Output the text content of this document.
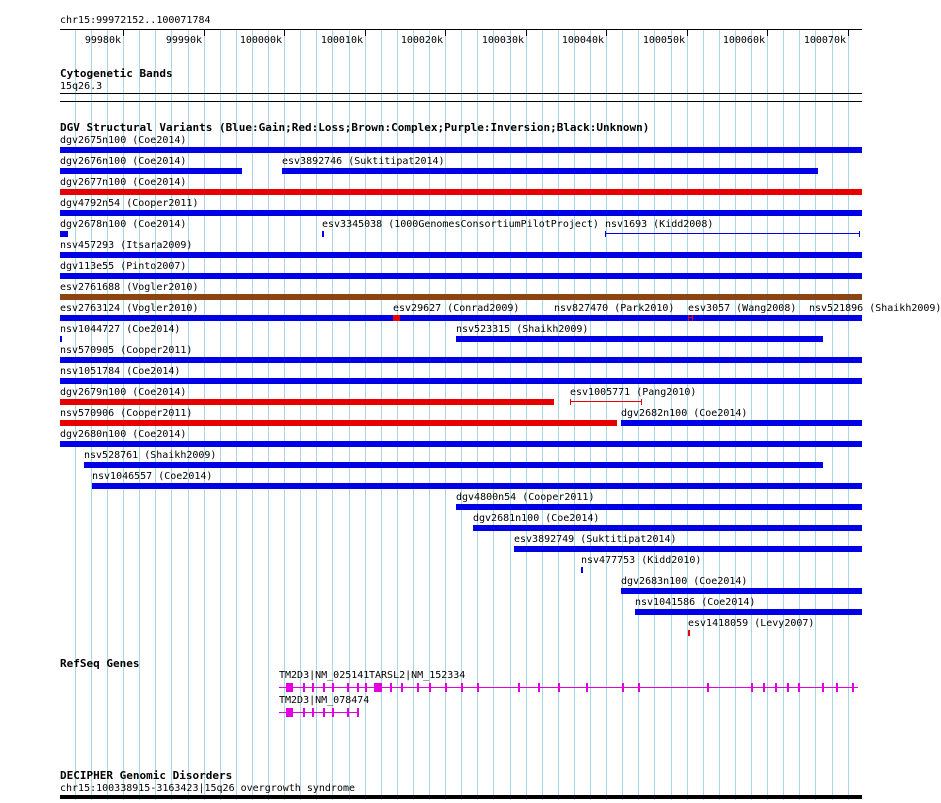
chr15:99972152..100071784
99980k	99990k	100000k	100010k	100020k	100030k	100040k	100050k	100060k	100070k
Cytogenetic Bands
15q26.3
DGV Structural Variants (Blue:Gain;Red:Loss;Brown:Complex;Purple:Inversion;Black:Unknown)
dgv2675n100 (Coe2014)
dgv2676n100 (Coe2014)	esv3892746 (Suktitipat2014)
dgv2677n100 (Coe2014)
dgv4792n54 (Cooper2011)
dgv2678n100 (Coe2014)	esv3345038 (1000GenomesConsortiumPilotProject) nsv1693 (Kidd2008)
nsv457293 (Itsara2009)
dgv113e55 (Pinto2007)
esv2761688 (Vogler2010)
esv2763124 (Vogler2010)	esv29627 (Conrad2009)	nsv827470 (Park2010) esv3057 (Wang2008) nsv521896 (Shaikh2009)
nsv1044727 (Coe2014)	nsv523315 (Shaikh2009)
nsv570905 (Cooper2011)
nsv1051784 (Coe2014)
dgv2679n100 (Coe2014)	esv1005771 (Pang2010)
nsv570906 (Cooper2011)	dgv2682n100 (Coe2014)
dgv2680n100 (Coe2014)
nsv528761 (Shaikh2009)
nsv1046557 (Coe2014)
dgv4800n54 (Cooper2011)
dgv2681n100 (Coe2014)
esv3892749 (Suktitipat2014)
nsv477753 (Kidd2010)
dgv2683n100 (Coe2014)
nsv1041586 (Coe2014)
esv1418059 (Levy2007)
RefSeq Genes
TM2D3|NM_025141 TARSL2|NM_152334
TM2D3|NM_078474
DECIPHER Genomic Disorders
chr15:100338915-3163423|15q26 overgrowth syndrome
